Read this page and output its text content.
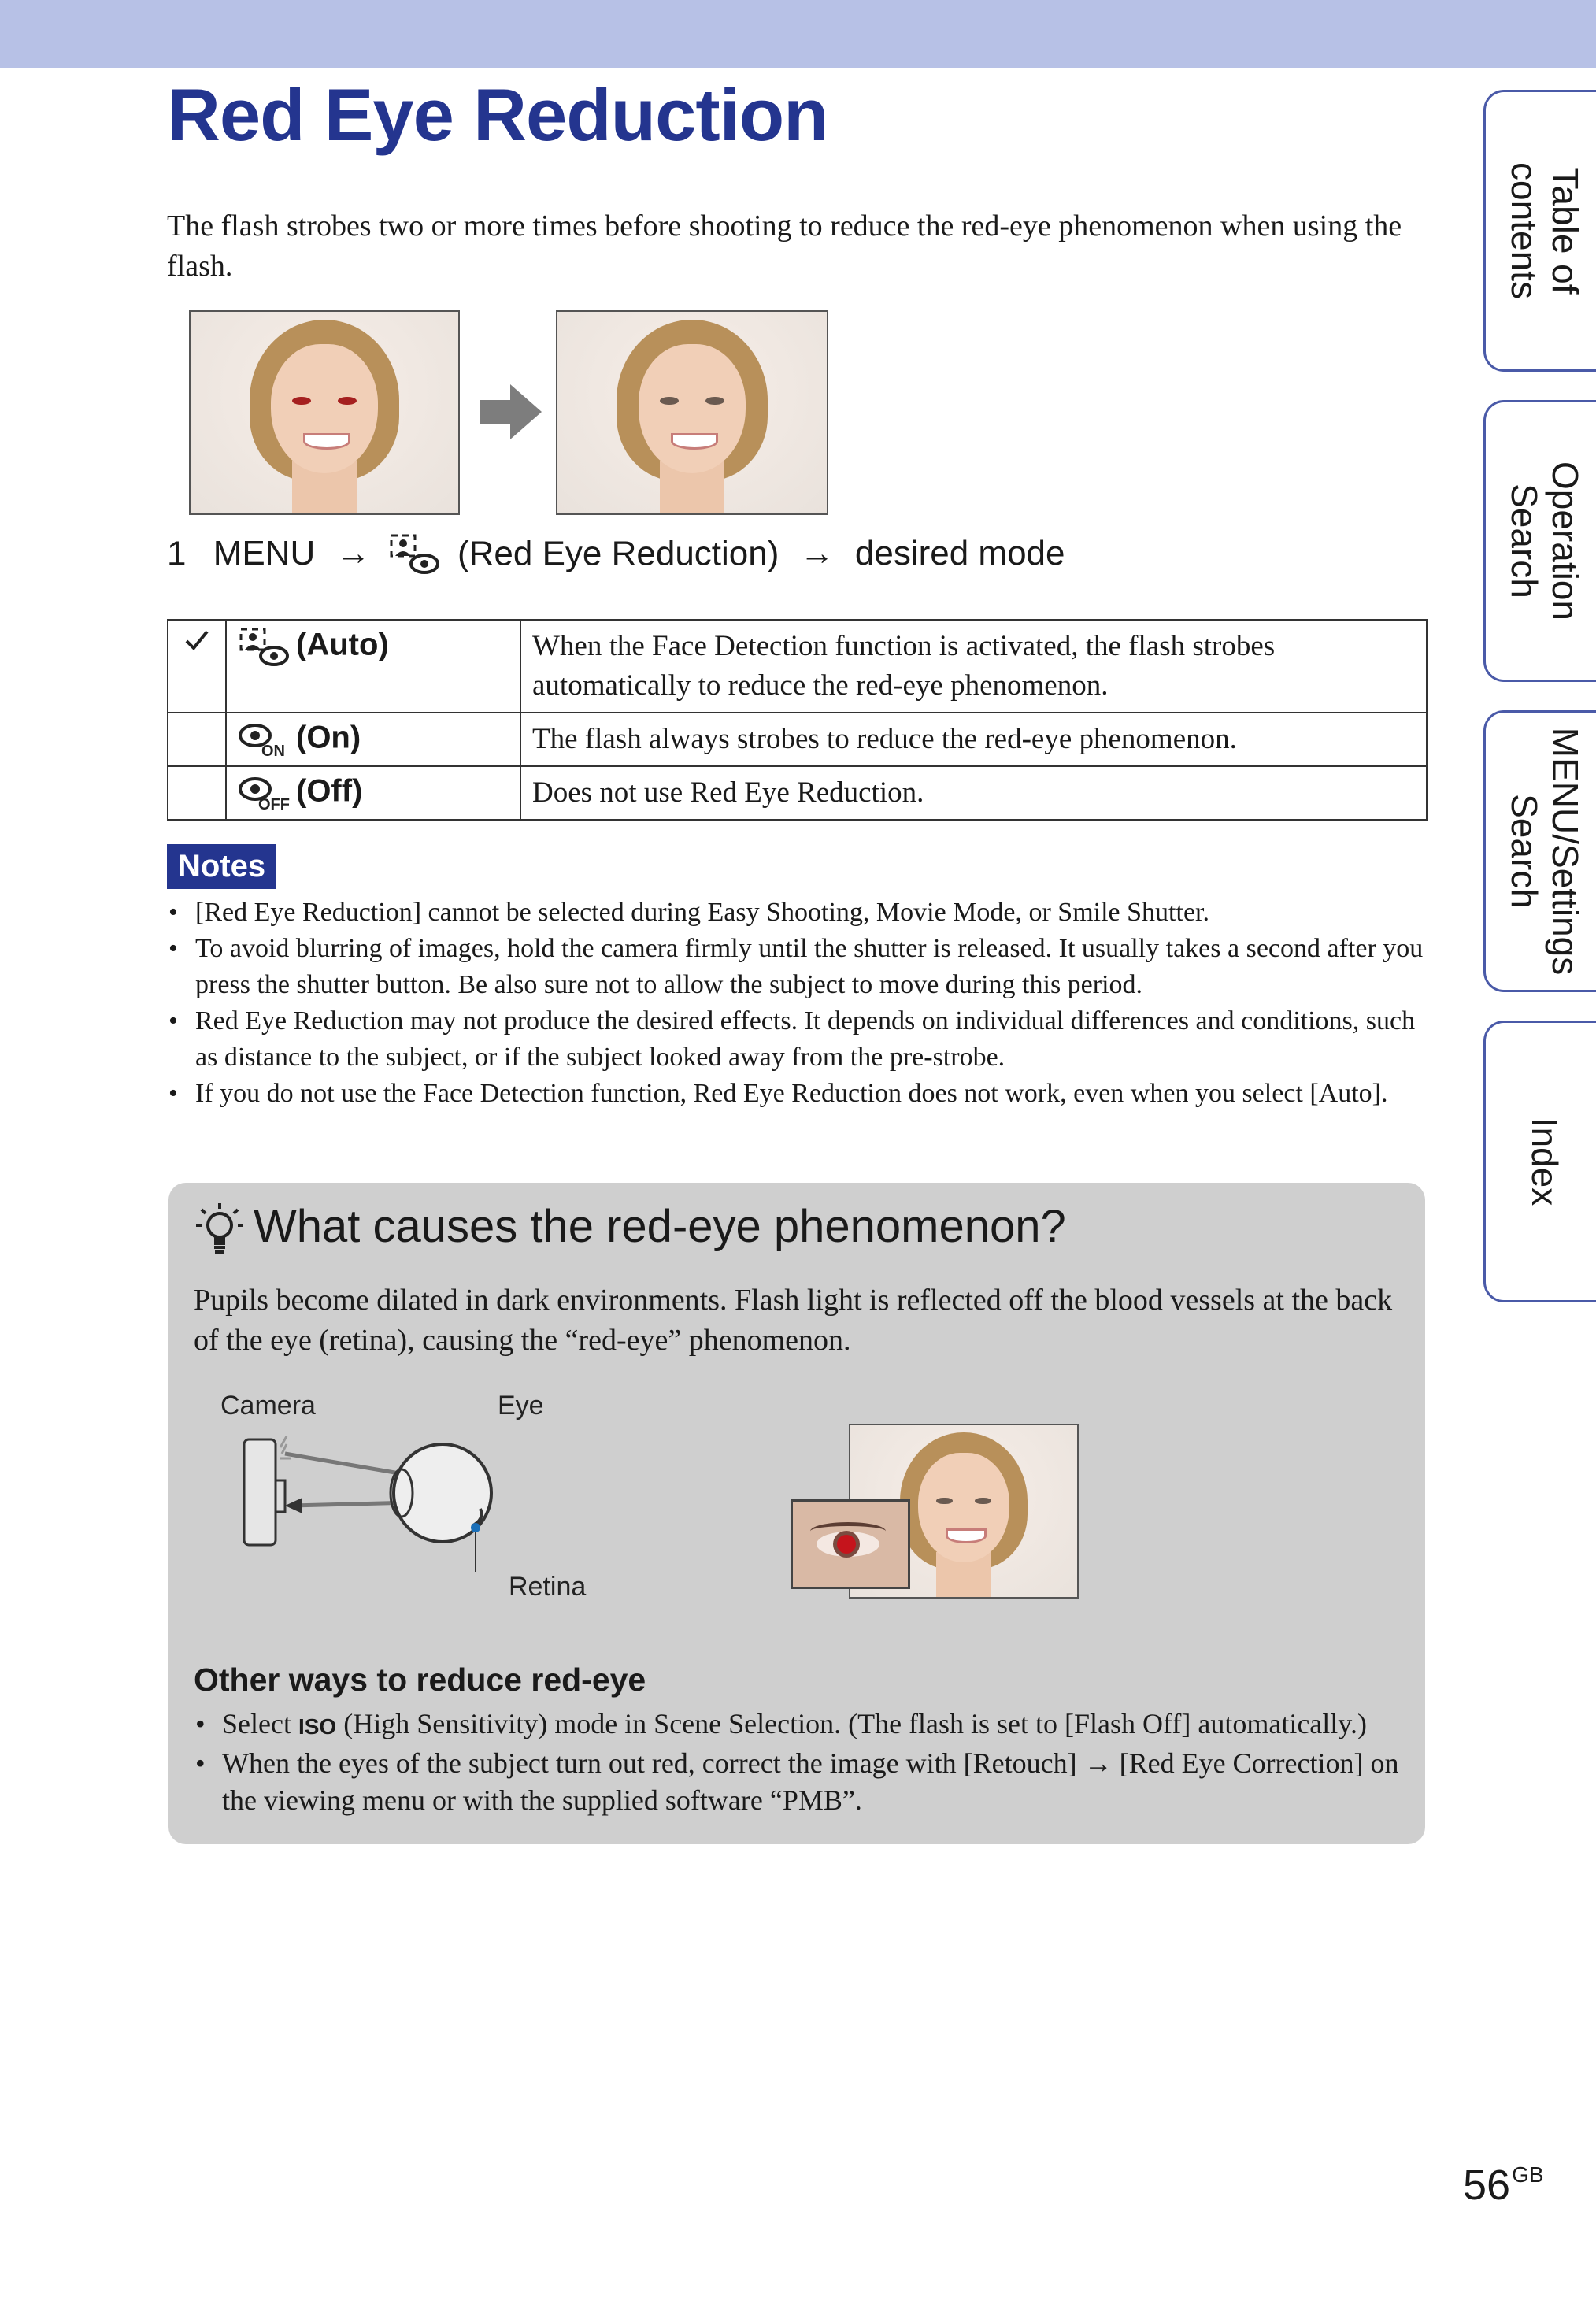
Red Eye Reduction

The flash strobes two or more times before shooting to reduce the red-eye phenomenon when using the flash.

1 MENU →	(Red Eye Reduction) → desired mode
	(Auto)	When the Face Detection function is activated, the flash strobes automatically to reduce the red-eye phenomenon.

ON (On)	The flash always strobes to reduce the red-eye phenomenon.

OFF (Off)	Does not use Red Eye Reduction.
Notes
• [Red Eye Reduction] cannot be selected during Easy Shooting, Movie Mode, or Smile Shutter.
• To avoid blurring of images, hold the camera firmly until the shutter is released. It usually takes a second after you press the shutter button. Be also sure not to allow the subject to move during this period.
• Red Eye Reduction may not produce the desired effects. It depends on individual differences and conditions, such as distance to the subject, or if the subject looked away from the pre-strobe.
• If you do not use the Face Detection function, Red Eye Reduction does not work, even when you select [Auto].
What causes the red-eye phenomenon?

Pupils become dilated in dark environments. Flash light is reflected off the blood vessels at the back of the eye (retina), causing the “red-eye” phenomenon.

Camera	Eye
Retina
Other ways to reduce red-eye
• Select ISO (High Sensitivity) mode in Scene Selection. (The flash is set to [Flash Off] automatically.)
• When the eyes of the subject turn out red, correct the image with [Retouch] → [Red Eye Correction] on the viewing menu or with the supplied software “PMB”.
Table of contents
Operation Search
MENU/Settings Search
Index
$56^{GB}$
